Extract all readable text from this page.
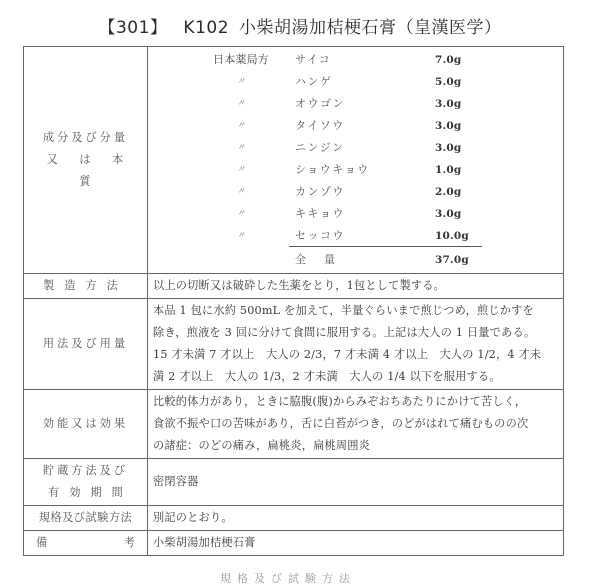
【301】 K102 小柴胡湯加桔梗石膏（皇漢医学）
成分及び分量
又 は 本 質

日本薬局方	サイコ	7.0g
〃	ハンゲ	5.0g
〃	オウゴン	3.0g
〃	タイソウ	3.0g
〃	ニンジン	3.0g
〃	ショウキョウ	1.0g
〃	カンゾウ	2.0g
〃	キキョウ	3.0g
〃	セッコウ	10.0g
全量	37.0g

製造方法	以上の切断又は破砕した生薬をとり，1包として製する。
用法及び用量	本品 1 包に水約 500mL を加えて，半量ぐらいまで煎じつめ，煎じかすを
除き，煎液を 3 回に分けて食間に服用する。上記は大人の 1 日量である。
15 才未満 7 才以上　大人の 2/3，7 才未満 4 才以上　大人の 1/2，4 才未
満 2 才以上　大人の 1/3，2 才未満　大人の 1/4 以下を服用する。

効能又は効果	比較的体力があり，ときに脇腹(腹)からみぞおちあたりにかけて苦しく，
食欲不振や口の苦味があり，舌に白苔がつき，のどがはれて痛むものの次
の諸症：のどの痛み，扁桃炎，扁桃周囲炎

貯蔵方法及び
有効期間	密閉容器
規格及び試験方法	別記のとおり。
備 考	小柴胡湯加桔梗石膏
規格及び試験方法
